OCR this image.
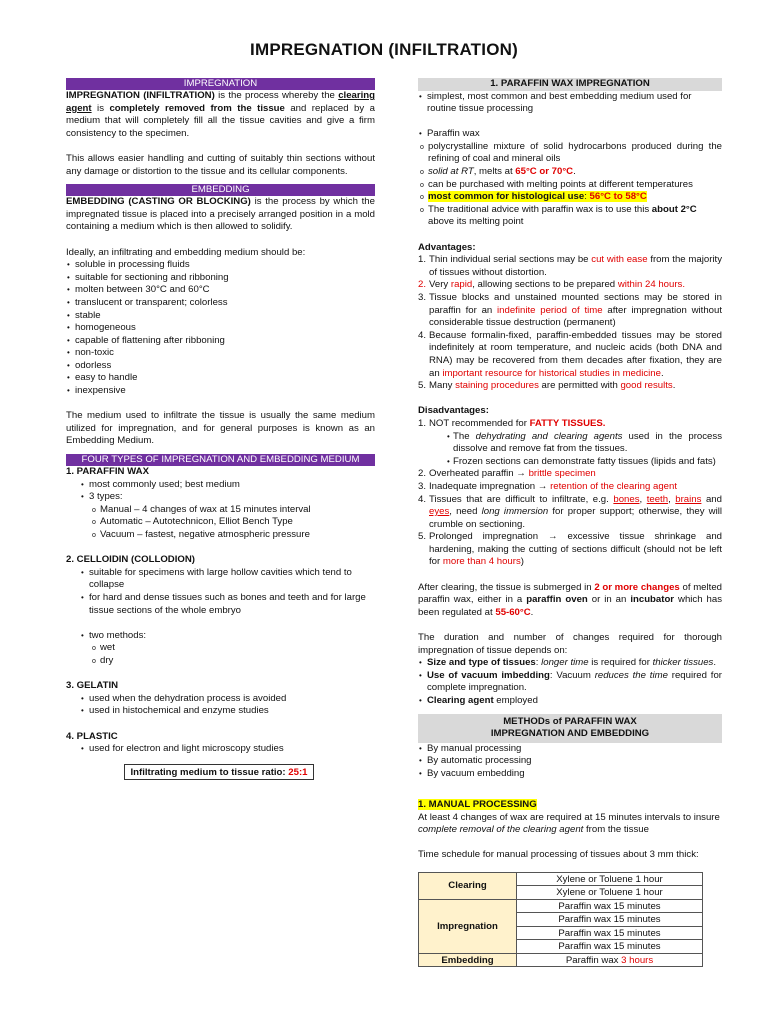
IMPREGNATION (INFILTRATION)
IMPREGNATION

IMPREGNATION (INFILTRATION) is the process whereby the clearing agent is completely removed from the tissue and replaced by a medium that will completely fill all the tissue cavities and give a firm consistency to the specimen.

This allows easier handling and cutting of suitably thin sections without any damage or distortion to the tissue and its cellular components.

EMBEDDING

EMBEDDING (CASTING OR BLOCKING) is the process by which the impregnated tissue is placed into a precisely arranged position in a mold containing a medium which is then allowed to solidify.

Ideally, an infiltrating and embedding medium should be:

• soluble in processing fluids
• suitable for sectioning and ribboning
• molten between 30°C and 60°C
• translucent or transparent; colorless
• stable
• homogeneous
• capable of flattening after ribboning
• non-toxic
• odorless
• easy to handle
• inexpensive

The medium used to infiltrate the tissue is usually the same medium utilized for impregnation, and for general purposes is known as an Embedding Medium.

FOUR TYPES OF IMPREGNATION AND EMBEDDING MEDIUM

1. PARAFFIN WAX

• most commonly used; best medium
• 3 types:
o Manual – 4 changes of wax at 15 minutes interval
o Automatic – Autotechnicon, Elliot Bench Type
o Vacuum – fastest, negative atmospheric pressure

2. CELLOIDIN (COLLODION)

• suitable for specimens with large hollow cavities which tend to collapse
• for hard and dense tissues such as bones and teeth and for large tissue sections of the whole embryo
• two methods:
o wet
o dry

3. GELATIN

• used when the dehydration process is avoided
• used in histochemical and enzyme studies

4. PLASTIC

• used for electron and light microscopy studies
Infiltrating medium to tissue ratio: 25:1
1. PARAFFIN WAX IMPREGNATION
• simplest, most common and best embedding medium used for routine tissue processing
• Paraffin wax
o polycrystalline mixture of solid hydrocarbons produced during the refining of coal and mineral oils
o solid at RT, melts at 65°C or 70°C.
o can be purchased with melting points at different temperatures
o most common for histological use: 56°C to 58°C
o The traditional advice with paraffin wax is to use this about 2°C above its melting point

Advantages:

1. Thin individual serial sections may be cut with ease from the majority of tissues without distortion.
2. Very rapid, allowing sections to be prepared within 24 hours.
3. Tissue blocks and unstained mounted sections may be stored in paraffin for an indefinite period of time after impregnation without considerable tissue destruction (permanent)
4. Because formalin-fixed, paraffin-embedded tissues may be stored indefinitely at room temperature, and nucleic acids (both DNA and RNA) may be recovered from them decades after fixation, they are an important resource for historical studies in medicine.
5. Many staining procedures are permitted with good results.

Disadvantages:

1. NOT recommended for FATTY TISSUES.
• The dehydrating and clearing agents used in the process dissolve and remove fat from the tissues.
• Frozen sections can demonstrate fatty tissues (lipids and fats)
2. Overheated paraffin → brittle specimen
3. Inadequate impregnation → retention of the clearing agent
4. Tissues that are difficult to infiltrate, e.g. bones, teeth, brains and eyes, need long immersion for proper support; otherwise, they will crumble on sectioning.
5. Prolonged impregnation → excessive tissue shrinkage and hardening, making the cutting of sections difficult (should not be left for more than 4 hours)

After clearing, the tissue is submerged in 2 or more changes of melted paraffin wax, either in a paraffin oven or in an incubator which has been regulated at 55-60°C.

The duration and number of changes required for thorough impregnation of tissue depends on:

• Size and type of tissues: longer time is required for thicker tissues.
• Use of vacuum imbedding: Vacuum reduces the time required for complete impregnation.
• Clearing agent employed
METHODs of PARAFFIN WAX
IMPREGNATION AND EMBEDDING
• By manual processing
• By automatic processing
• By vacuum embedding

1. MANUAL PROCESSING

At least 4 changes of wax are required at 15 minutes intervals to insure complete removal of the clearing agent from the tissue

Time schedule for manual processing of tissues about 3 mm thick:

Clearing	Xylene or Toluene 1 hour
	Xylene or Toluene 1 hour
Impregnation	Paraffin wax 15 minutes
	Paraffin wax 15 minutes
	Paraffin wax 15 minutes
	Paraffin wax 15 minutes
Embedding	Paraffin wax 3 hours
